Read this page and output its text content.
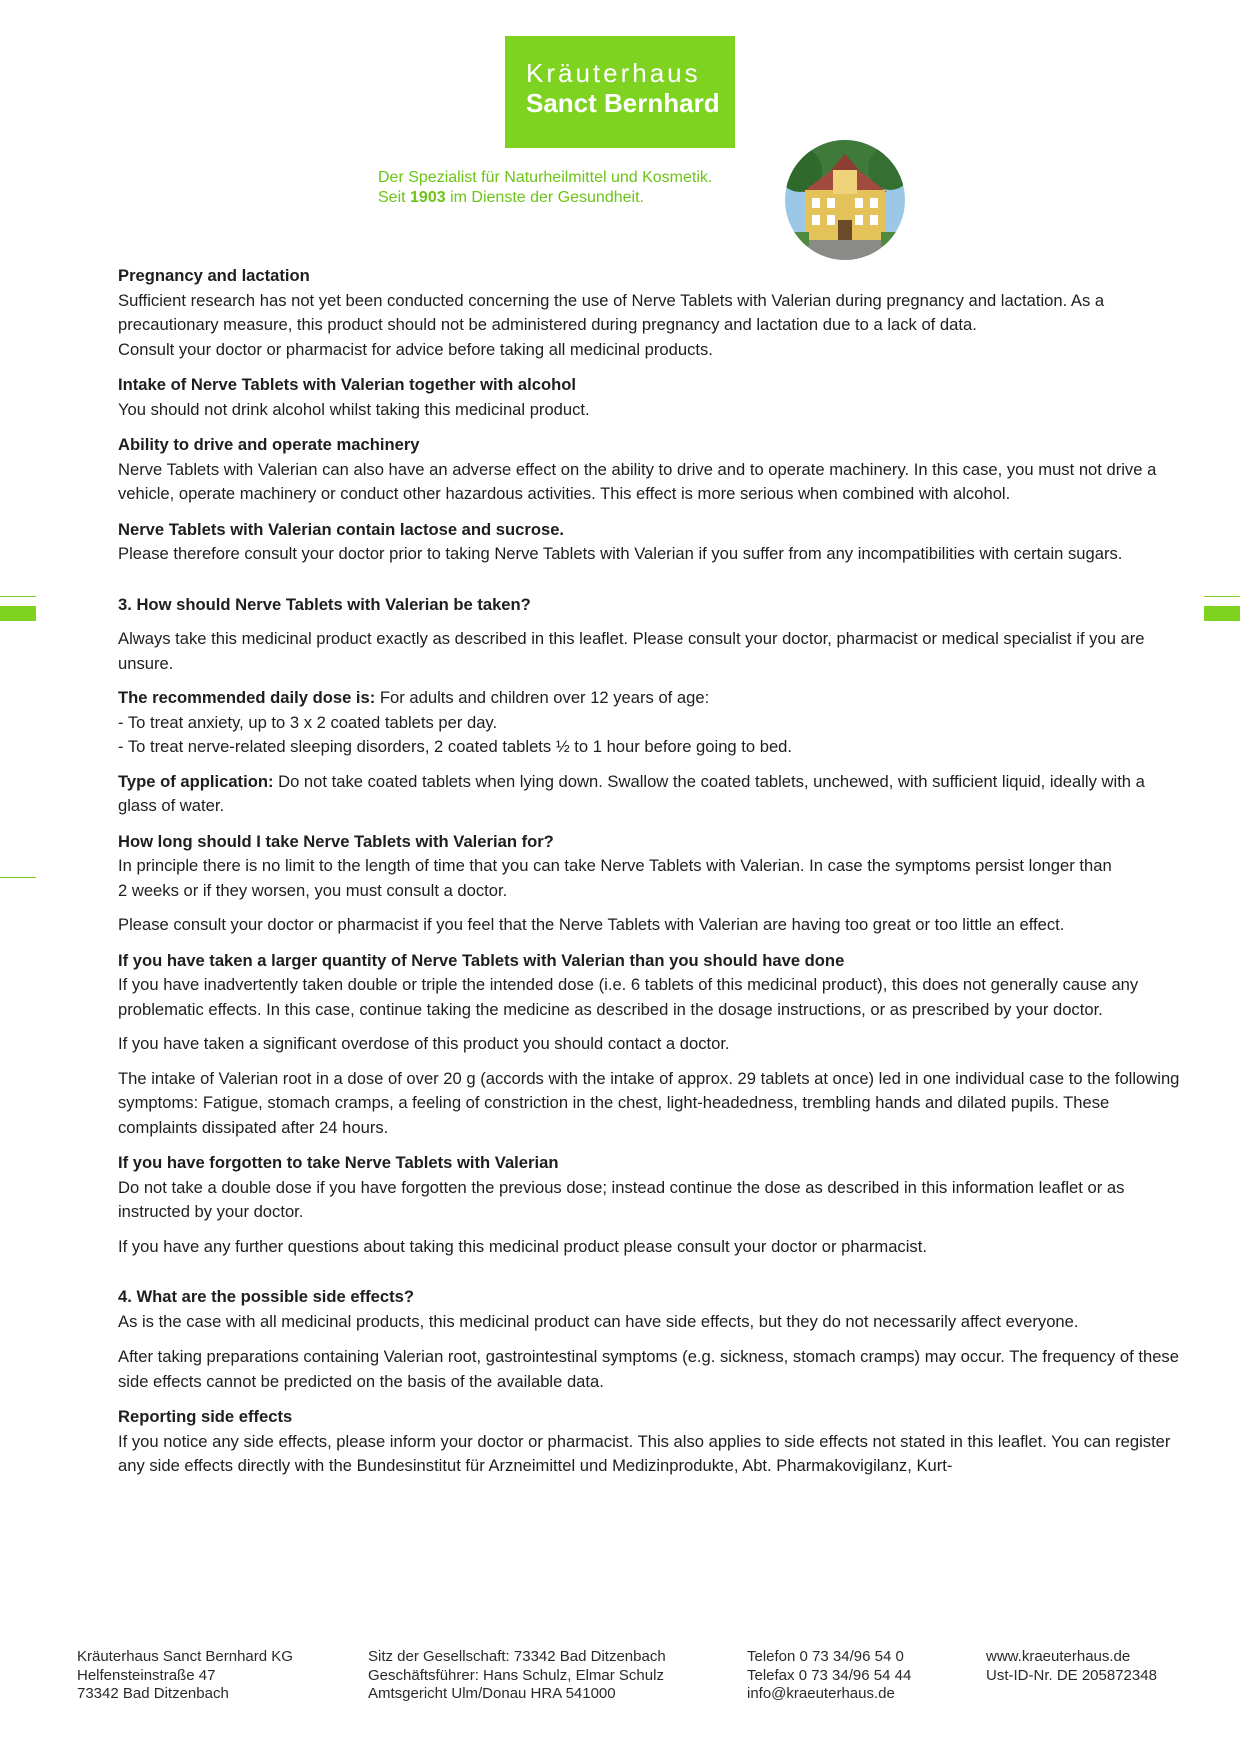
Kräuterhaus
Sanct Bernhard
Der Spezialist für Naturheilmittel und Kosmetik.
Seit 1903 im Dienste der Gesundheit.

Pregnancy and lactation

Sufficient research has not yet been conducted concerning the use of Nerve Tablets with Valerian during pregnancy and lactation. As a precautionary measure, this product should not be administered during pregnancy and lactation due to a lack of data.

Consult your doctor or pharmacist for advice before taking all medicinal products.

Intake of Nerve Tablets with Valerian together with alcohol

You should not drink alcohol whilst taking this medicinal product.

Ability to drive and operate machinery

Nerve Tablets with Valerian can also have an adverse effect on the ability to drive and to operate machinery. In this case, you must not drive a vehicle, operate machinery or conduct other hazardous activities. This effect is more serious when combined with alcohol.

Nerve Tablets with Valerian contain lactose and sucrose.

Please therefore consult your doctor prior to taking Nerve Tablets with Valerian if you suffer from any incompatibilities with certain sugars.

3. How should Nerve Tablets with Valerian be taken?

Always take this medicinal product exactly as described in this leaflet. Please consult your doctor, pharmacist or medical specialist if you are unsure.

The recommended daily dose is: For adults and children over 12 years of age:

- To treat anxiety, up to 3 x 2 coated tablets per day.

- To treat nerve-related sleeping disorders, 2 coated tablets ½ to 1 hour before going to bed.

Type of application: Do not take coated tablets when lying down. Swallow the coated tablets, unchewed, with sufficient liquid, ideally with a glass of water.

How long should I take Nerve Tablets with Valerian for?

In principle there is no limit to the length of time that you can take Nerve Tablets with Valerian. In case the symptoms persist longer than

2 weeks or if they worsen, you must consult a doctor.

Please consult your doctor or pharmacist if you feel that the Nerve Tablets with Valerian are having too great or too little an effect.

If you have taken a larger quantity of Nerve Tablets with Valerian than you should have done

If you have inadvertently taken double or triple the intended dose (i.e. 6 tablets of this medicinal product), this does not generally cause any problematic effects. In this case, continue taking the medicine as described in the dosage instructions, or as prescribed by your doctor.

If you have taken a significant overdose of this product you should contact a doctor.

The intake of Valerian root in a dose of over 20 g (accords with the intake of approx. 29 tablets at once) led in one individual case to the following symptoms: Fatigue, stomach cramps, a feeling of constriction in the chest, light-headedness, trembling hands and dilated pupils. These complaints dissipated after 24 hours.

If you have forgotten to take Nerve Tablets with Valerian

Do not take a double dose if you have forgotten the previous dose; instead continue the dose as described in this information leaflet or as instructed by your doctor.

If you have any further questions about taking this medicinal product please consult your doctor or pharmacist.

4. What are the possible side effects?

As is the case with all medicinal products, this medicinal product can have side effects, but they do not necessarily affect everyone.

After taking preparations containing Valerian root, gastrointestinal symptoms (e.g. sickness, stomach cramps) may occur. The frequency of these side effects cannot be predicted on the basis of the available data.

Reporting side effects

If you notice any side effects, please inform your doctor or pharmacist. This also applies to side effects not stated in this leaflet. You can register any side effects directly with the Bundesinstitut für Arzneimittel und Medizinprodukte, Abt. Pharmakovigilanz, Kurt-

Kräuterhaus Sanct Bernhard KG
Helfensteinstraße 47
73342 Bad Ditzenbach
Sitz der Gesellschaft: 73342 Bad Ditzenbach
Geschäftsführer: Hans Schulz, Elmar Schulz
Amtsgericht Ulm/Donau HRA 541000
Telefon 0 73 34/96 54 0
Telefax 0 73 34/96 54 44
info@kraeuterhaus.de
www.kraeuterhaus.de
Ust-ID-Nr. DE 205872348
